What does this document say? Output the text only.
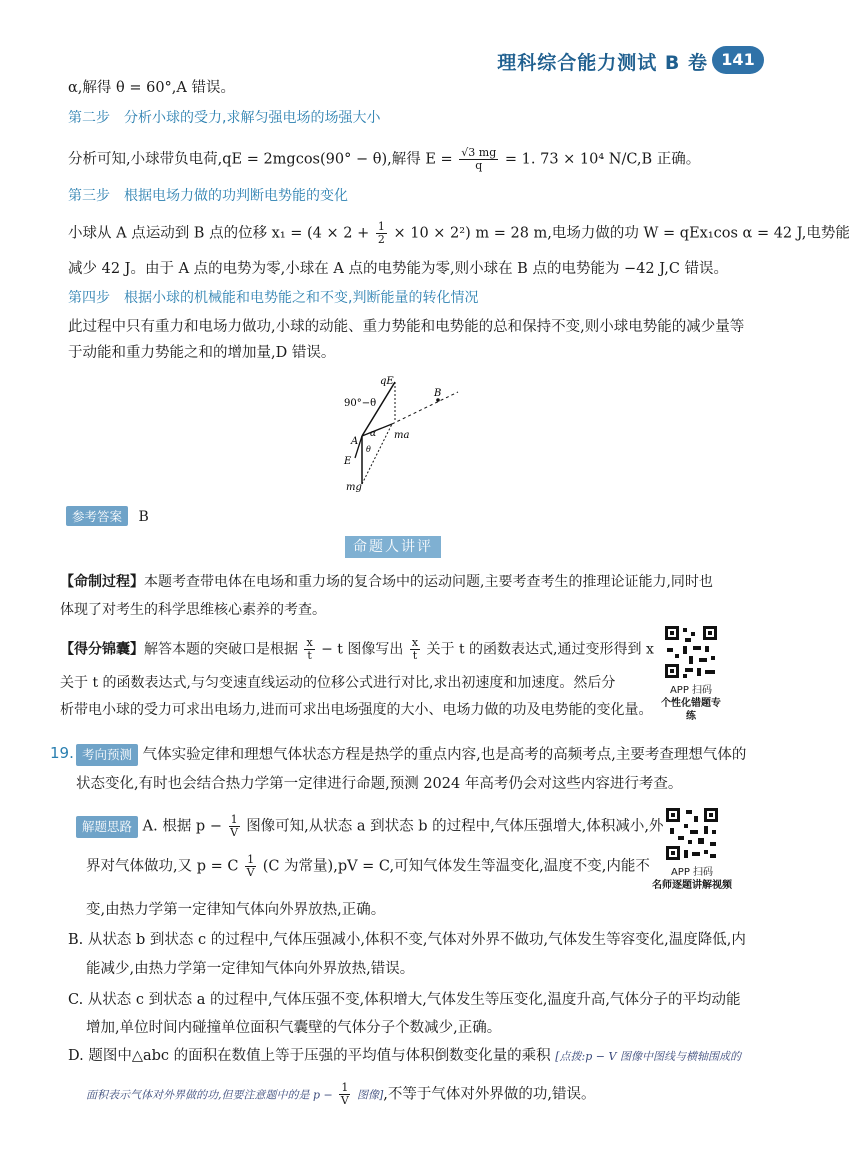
理科综合能力测试 B 卷 141
α,解得 θ = 60°,A 错误。
第二步　分析小球的受力,求解匀强电场的场强大小
分析可知,小球带负电荷,qE = 2mgcos(90° − θ),解得 $E = \frac{√3 mg}{q} = 1$. 73 × 10⁴ N/C,B 正确。
第三步　根据电场力做的功判断电势能的变化
小球从 A 点运动到 B 点的位移 $x_1 = (4 \times 2 + \frac{1}{2} \times 10 \times 2^2)$ m = 28 m,电场力做的功 W = qEx₁cos α = 42 J,电势能
减少 42 J。由于 A 点的电势为零,小球在 A 点的电势能为零,则小球在 B 点的电势能为 −42 J,C 错误。
第四步　根据小球的机械能和电势能之和不变,判断能量的转化情况
此过程中只有重力和电场力做功,小球的动能、重力势能和电势能的总和保持不变,则小球电势能的减少量等
于动能和重力势能之和的增加量,D 错误。
qE
90°−θ
B
A
α ma
θ
E
mg
参考答案 B
命题人讲评
【命制过程】本题考查带电体在电场和重力场的复合场中的运动问题,主要考查考生的推理论证能力,同时也
体现了对考生的科学思维核心素养的考查。
【得分锦囊】解答本题的突破口是根据 $\frac{x}{t} - t$ 图像写出 $\frac{x}{t}$ 关于 t 的函数表达式,通过变形得到 x
关于 t 的函数表达式,与匀变速直线运动的位移公式进行对比,求出初速度和加速度。然后分
析带电小球的受力可求出电场力,进而可求出电场强度的大小、电场力做的功及电势能的变化量。
APP 扫码
个性化错题专练
19. 考向预测 气体实验定律和理想气体状态方程是热学的重点内容,也是高考的高频考点,主要考查理想气体的
状态变化,有时也会结合热力学第一定律进行命题,预测 2024 年高考仍会对这些内容进行考查。
解题思路 A. 根据 $p - \frac{1}{V}$ 图像可知,从状态 a 到状态 b 的过程中,气体压强增大,体积减小,外
界对气体做功,又 p = C $\frac{1}{V} (C$ 为常量),pV = C,可知气体发生等温变化,温度不变,内能不
变,由热力学第一定律知气体向外界放热,正确。
B. 从状态 b 到状态 c 的过程中,气体压强减小,体积不变,气体对外界不做功,气体发生等容变化,温度降低,内
能减少,由热力学第一定律知气体向外界放热,错误。
C. 从状态 c 到状态 a 的过程中,气体压强不变,体积增大,气体发生等压变化,温度升高,气体分子的平均动能
增加,单位时间内碰撞单位面积气囊壁的气体分子个数减少,正确。
D. 题图中△abc 的面积在数值上等于压强的平均值与体积倒数变化量的乘积 [点拨:p − V 图像中图线与横轴围成的
面积表示气体对外界做的功,但要注意题中的是 $p - \frac{1}{V}$ 图像],不等于气体对外界做的功,错误。
APP 扫码
名师逐题讲解视频
